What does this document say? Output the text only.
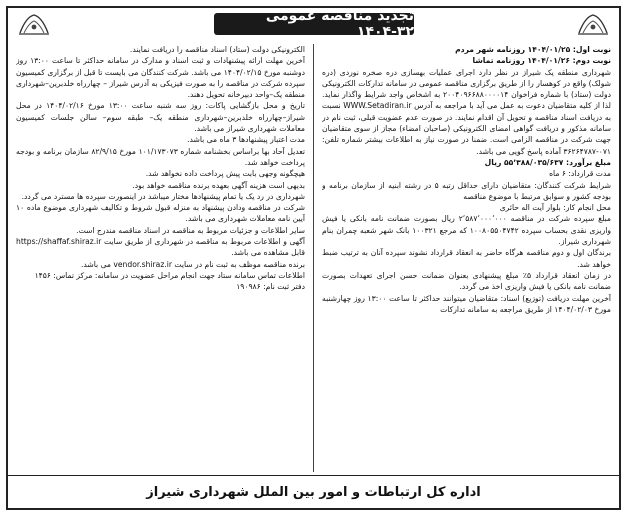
تجدید مناقصه عمومی ۳۲-۱۴۰۴

نوبت اول: ۱۴۰۴/۰۱/۲۵ روزنامه شهر مردم

نوبت دوم: ۱۴۰۴/۰۱/۲۶ روزنامه تماشا

شهرداری منطقه یک شیراز در نظر دارد اجرای عملیات بهسازی دره صخره نوردی (دره شولک) واقع در کوهسار را از طریق برگزاری مناقصه عمومی در سامانه تدارکات الکترونیکی دولت (ستاد) با شماره فراخوان ۲۰۰۴۰۹۶۶۸۸۰۰۰۰۱۴ به اشخاص واجد شرایط واگذار نماید. لذا از کلیه متقاضیان دعوت به عمل می آید با مراجعه به آدرس WWW.Setadiran.ir نسبت به دریافت اسناد مناقصه و تحویل آن اقدام نمایند. در صورت عدم عضویت قبلی، ثبت نام در سامانه مذکور و دریافت گواهی امضای الکترونیکی (صاحبان امضاء) مجاز از سوی متقاضیان جهت شرکت در مناقصه الزامی است. ضمنا در صورت نیاز به اطلاعات بیشتر شماره تلفن: ۰۷۱-۳۶۲۶۴۷۸۷ آماده پاسخ گویی می باشد.

مبلغ برآورد: ۵۵٬۳۸۸/۰۳۵/۶۳۷ ریال

مدت قرارداد: ۶ ماه

شرایط شرکت کنندگان: متقاضیان دارای حداقل رتبه ۵ در رشته ابنیه از سازمان برنامه و بودجه کشور و سوابق مرتبط با موضوع مناقصه

محل انجام کار: بلوار آیت اله حائری

مبلغ سپرده شرکت در مناقصه ۲٬۵۸۷٬۰۰۰٬۰۰۰ ریال بصورت ضمانت نامه بانکی یا فیش واریزی نقدی بحساب سپرده ۱۰۰۸۰۵۵۰۴۷۴۲ که مرجع ۱۰۰۳۲۱ بانک شهر شعبه چمران بنام شهرداری شیراز.

برندگان اول و دوم مناقصه هرگاه حاضر به انعقاد قرارداد نشوند سپرده آنان به ترتیب ضبط خواهد شد.

در زمان انعقاد قرارداد ۵٪ مبلغ پیشنهادی بعنوان ضمانت حسن اجرای تعهدات بصورت ضمانت نامه بانکی یا فیش واریزی اخذ می گردد.

آخرین مهلت دریافت (توزیع) اسناد: متقاضیان میتوانند حداکثر تا ساعت ۱۳:۰۰ روز چهارشنبه مورخ ۱۴۰۴/۰۲/۰۳ از طریق مراجعه به سامانه تدارکات

الکترونیکی دولت (ستاد) اسناد مناقصه را دریافت نمایند.

آخرین مهلت ارائه پیشنهادات و ثبت اسناد و مدارک در سامانه حداکثر تا ساعت ۱۳:۰۰ روز دوشنبه مورخ ۱۴۰۴/۰۲/۱۵ می باشد. شرکت کنندگان می بایست تا قبل از برگزاری کمیسیون سپرده شرکت در مناقصه را به صورت فیزیکی به آدرس شیراز – چهارراه خلدبرین–شهرداری منطقه یک–واحد دبیرخانه تحویل دهند.

تاریخ و محل بازگشایی پاکات: روز سه شنبه ساعت ۱۳:۰۰ مورخ ۱۴۰۴/۰۲/۱۶ در محل شیراز–چهارراه خلدبرین–شهرداری منطقه یک– طبقه سوم– سالن جلسات کمیسیون معاملات شهرداری شیراز می باشد.

مدت اعتبار پیشنهادها ۳ ماه می باشد.

تعدیل آحاد بها براساس بخشنامه شماره ۱۰۱/۱۷۳۰۷۳ مورخ ۸۲/۹/۱۵ سازمان برنامه و بودجه پرداخت خواهد شد.

هیچگونه وجهی بابت پیش پرداخت داده نخواهد شد.

بدیهی است هزینه آگهی بعهده برنده مناقصه خواهد بود.

شهرداری در رد یک یا تمام پیشنهادها مختار میباشد در اینصورت سپرده ها مسترد می گردد.

شرکت در مناقصه ودادن پیشنهاد به منزله قبول شروط و تکالیف شهرداری موضوع ماده ۱۰ آیین نامه معاملات شهرداری می باشد.

سایر اطلاعات و جزئیات مربوط به مناقصه در اسناد مناقصه مندرج است.

آگهی و اطلاعات مربوط به مناقصه در شهرداری از طریق سایت https://shaffaf.shiraz.ir قابل مشاهده می باشد.

برنده مناقصه موظف به ثبت نام در سایت vendor.shiraz.ir می باشد.

اطلاعات تماس سامانه ستاد جهت انجام مراحل عضویت در سامانه: مرکز تماس: ۱۴۵۶

دفتر ثبت نام: ۱۹۰۹۸۶

اداره کل ارتباطات و امور بین الملل شهرداری شیراز
